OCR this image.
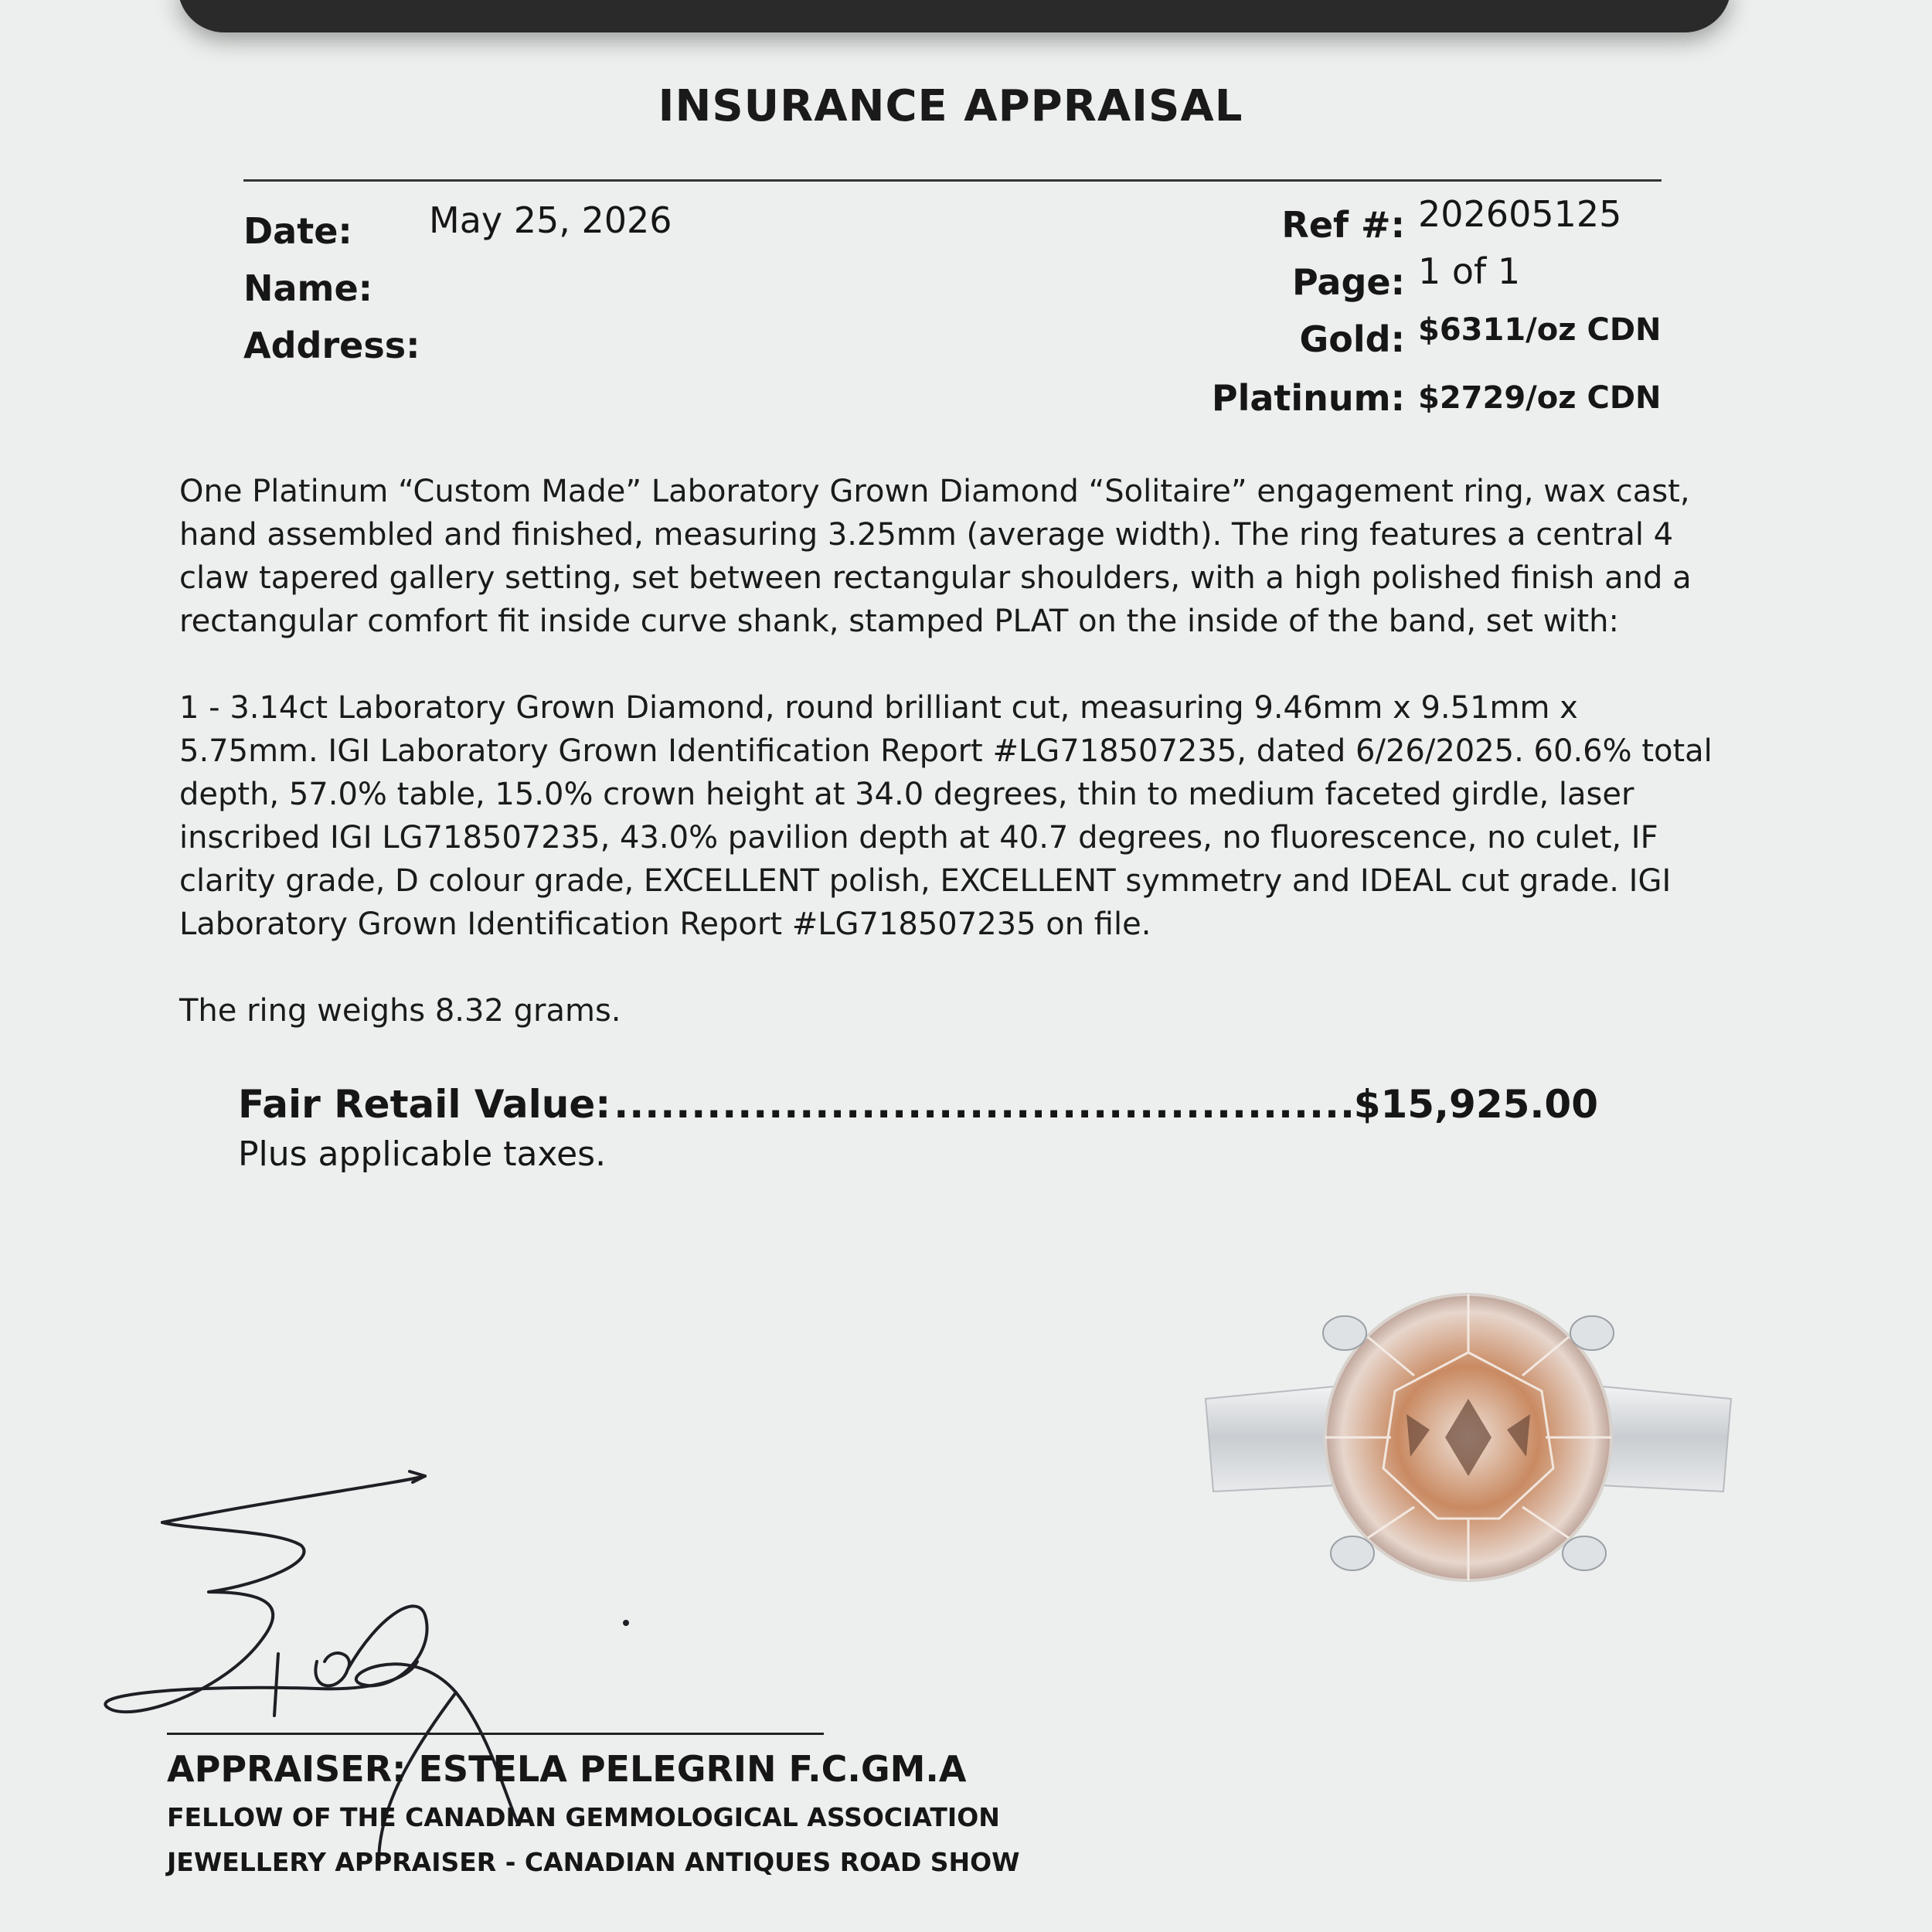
INSURANCE APPRAISAL
Date: May 25, 2026
Name:
Address:
Ref #: 202605125
Page: 1 of 1
Gold: $6311/oz CDN
Platinum: $2729/oz CDN
One Platinum “Custom Made” Laboratory Grown Diamond “Solitaire” engagement ring, wax cast, hand assembled and finished, measuring 3.25mm (average width). The ring features a central 4 claw tapered gallery setting, set between rectangular shoulders, with a high polished finish and a rectangular comfort fit inside curve shank, stamped PLAT on the inside of the band, set with:
1 - 3.14ct Laboratory Grown Diamond, round brilliant cut, measuring 9.46mm x 9.51mm x 5.75mm. IGI Laboratory Grown Identification Report #LG718507235, dated 6/26/2025. 60.6% total depth, 57.0% table, 15.0% crown height at 34.0 degrees, thin to medium faceted girdle, laser inscribed IGI LG718507235, 43.0% pavilion depth at 40.7 degrees, no fluorescence, no culet, IF clarity grade, D colour grade, EXCELLENT polish, EXCELLENT symmetry and IDEAL cut grade. IGI Laboratory Grown Identification Report #LG718507235 on file.
The ring weighs 8.32 grams.
Fair Retail Value:
.....	$15,925.00
Plus applicable taxes.
APPRAISER: ESTELA PELEGRIN F.C.GM.A
FELLOW OF THE CANADIAN GEMMOLOGICAL ASSOCIATION
JEWELLERY APPRAISER - CANADIAN ANTIQUES ROAD SHOW
